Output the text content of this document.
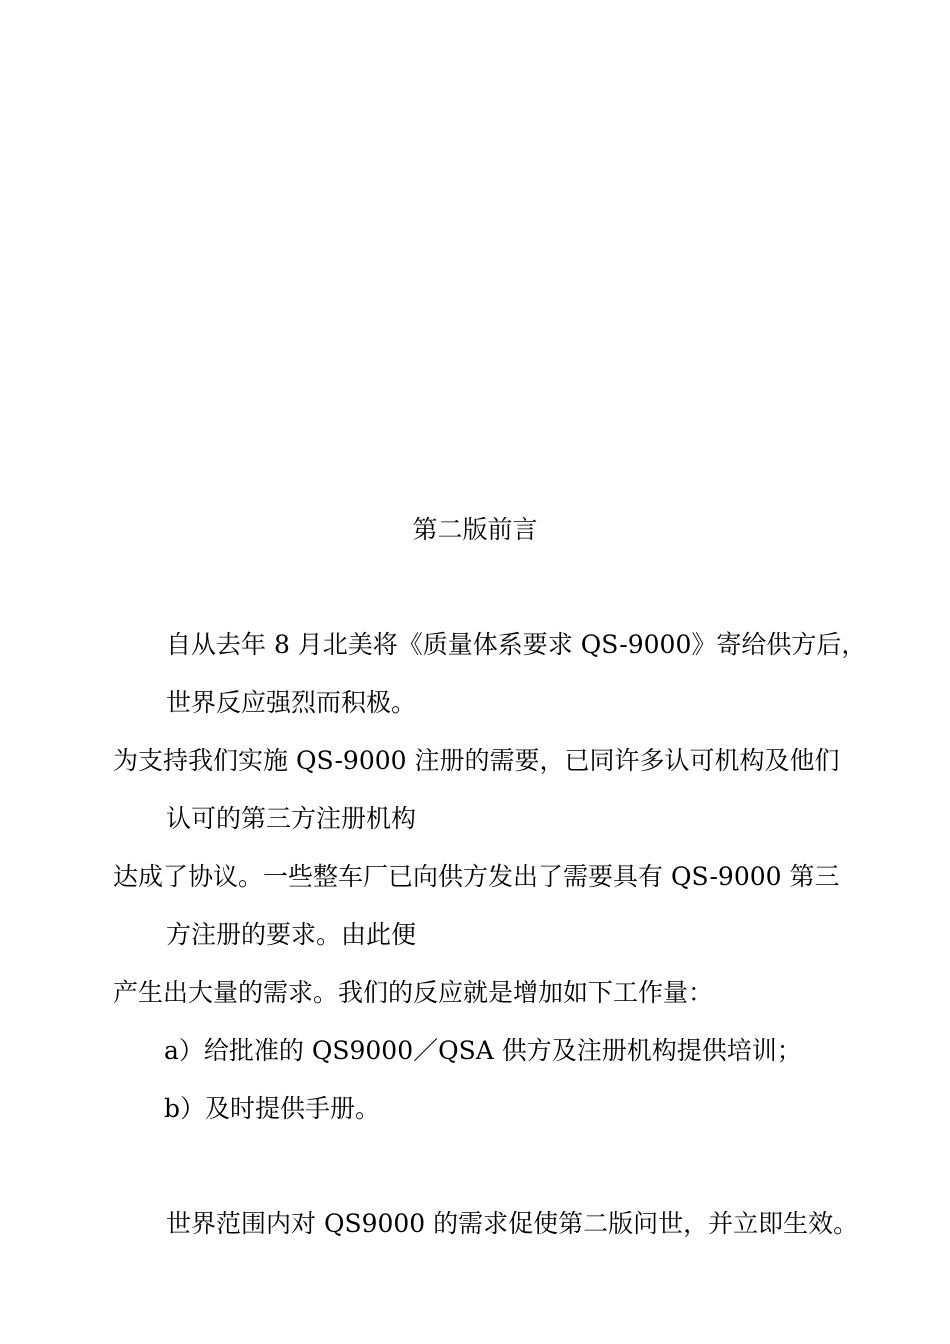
第二版前言
自从去年 8 月北美将《质量体系要求 QS-9000》寄给供方后，
世界反应强烈而积极。
为支持我们实施 QS-9000 注册的需要，已同许多认可机构及他们
认可的第三方注册机构
达成了协议。一些整车厂已向供方发出了需要具有 QS-9000 第三
方注册的要求。由此便
产生出大量的需求。我们的反应就是增加如下工作量：
a）给批准的 QS9000／QSA 供方及注册机构提供培训；
b）及时提供手册。
世界范围内对 QS9000 的需求促使第二版问世，并立即生效。
